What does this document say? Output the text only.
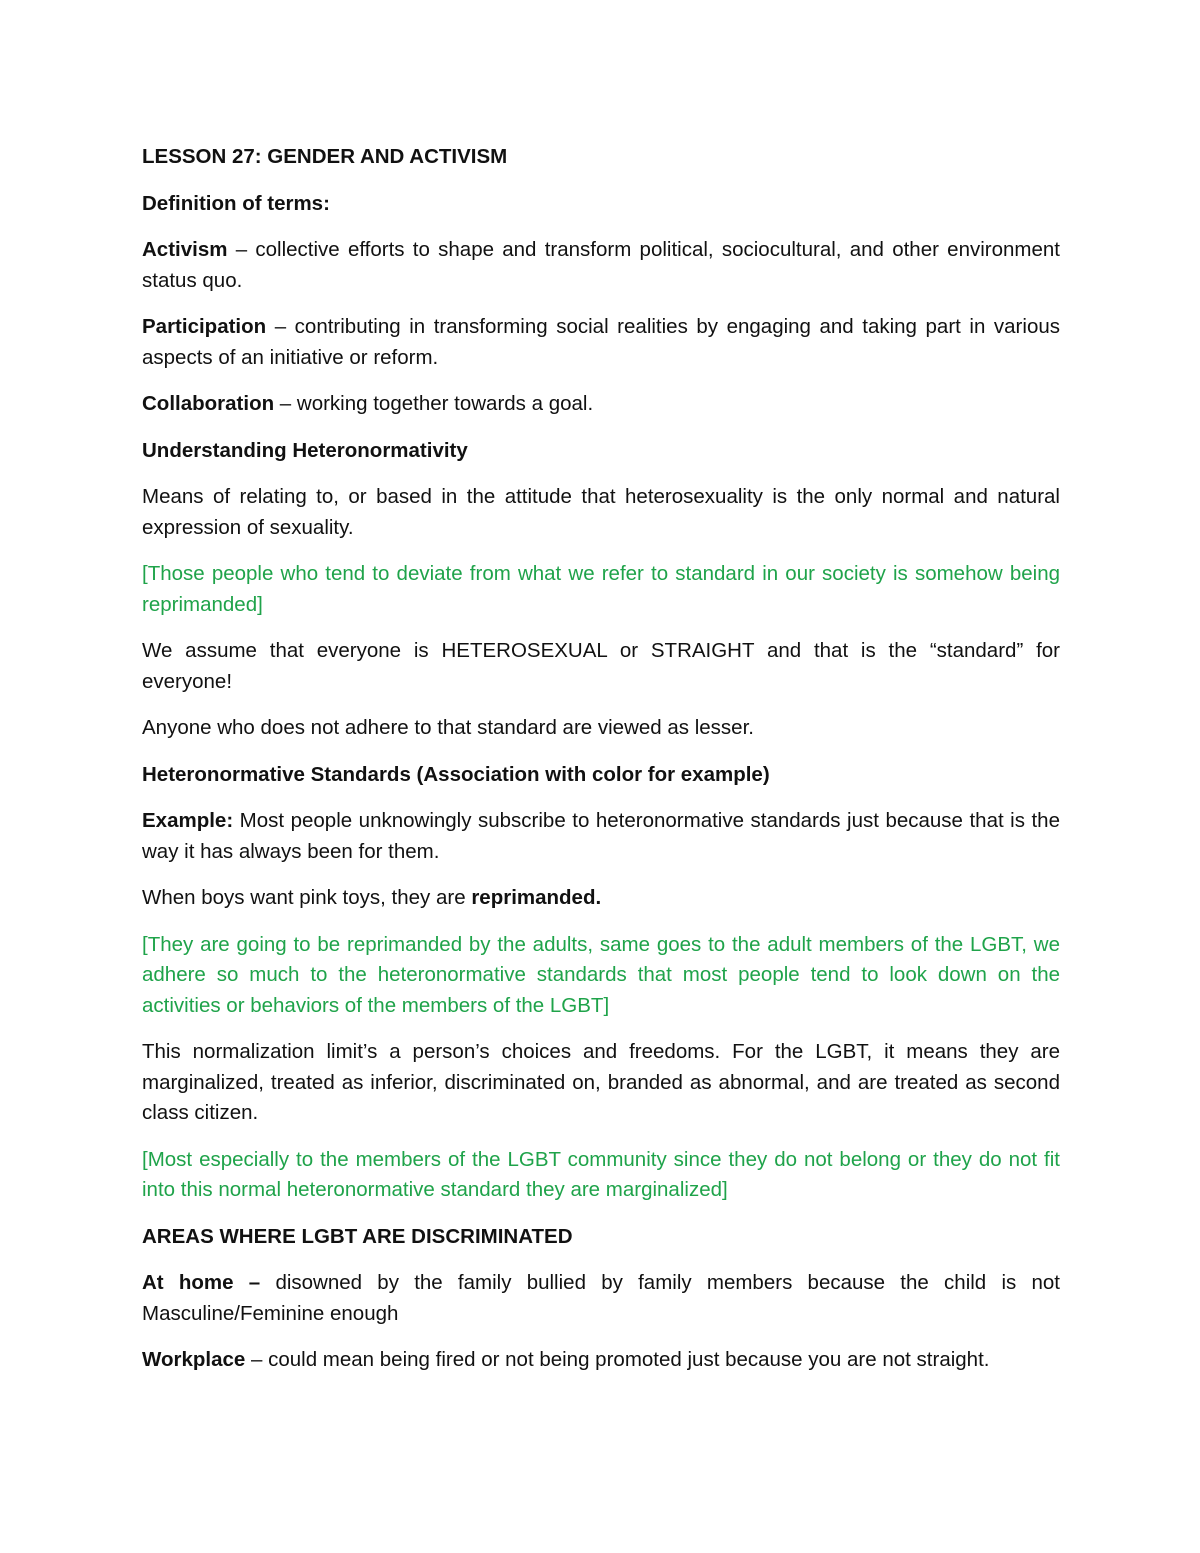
LESSON 27: GENDER AND ACTIVISM

Definition of terms:

Activism – collective efforts to shape and transform political, sociocultural, and other environment status quo.

Participation – contributing in transforming social realities by engaging and taking part in various aspects of an initiative or reform.

Collaboration – working together towards a goal.

Understanding Heteronormativity

Means of relating to, or based in the attitude that heterosexuality is the only normal and natural expression of sexuality.

[Those people who tend to deviate from what we refer to standard in our society is somehow being reprimanded]

We assume that everyone is HETEROSEXUAL or STRAIGHT and that is the “standard” for everyone!

Anyone who does not adhere to that standard are viewed as lesser.

Heteronormative Standards (Association with color for example)

Example: Most people unknowingly subscribe to heteronormative standards just because that is the way it has always been for them.

When boys want pink toys, they are reprimanded.

[They are going to be reprimanded by the adults, same goes to the adult members of the LGBT, we adhere so much to the heteronormative standards that most people tend to look down on the activities or behaviors of the members of the LGBT]

This normalization limit’s a person’s choices and freedoms. For the LGBT, it means they are marginalized, treated as inferior, discriminated on, branded as abnormal, and are treated as second class citizen.

[Most especially to the members of the LGBT community since they do not belong or they do not fit into this normal heteronormative standard they are marginalized]

AREAS WHERE LGBT ARE DISCRIMINATED

At home – disowned by the family bullied by family members because the child is not Masculine/Feminine enough

Workplace – could mean being fired or not being promoted just because you are not straight.
